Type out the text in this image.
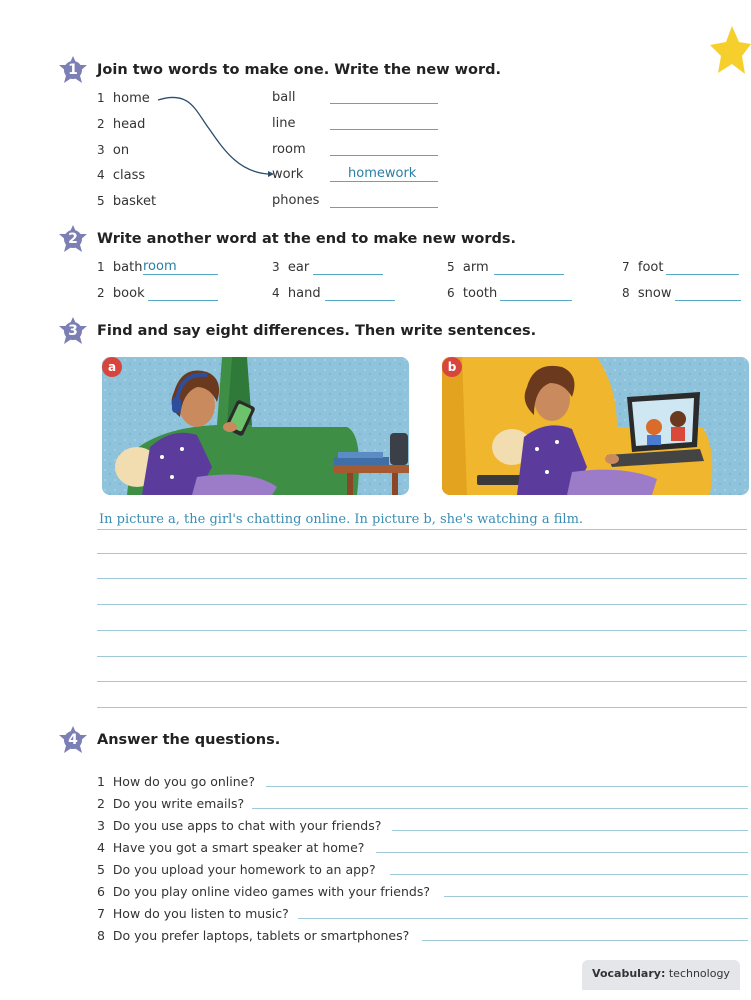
1	Join two words to make one. Write the new word.
1 home
2 head
3 on
4 class
5 basket
ball
line
room
work
phones
homework
2	Write another word at the end to make new words.
1 bath room	3 ear	5 arm	7 foot
2 book	4 hand	6 tooth	8 snow
3	Find and say eight differences. Then write sentences.
a	b
In picture a, the girl's chatting online. In picture b, she's watching a film.
4	Answer the questions.
1 How do you go online?
2 Do you write emails?
3 Do you use apps to chat with your friends?
4 Have you got a smart speaker at home?
5 Do you upload your homework to an app?
6 Do you play online video games with your friends?
7 How do you listen to music?
8 Do you prefer laptops, tablets or smartphones?
Vocabulary: technology
